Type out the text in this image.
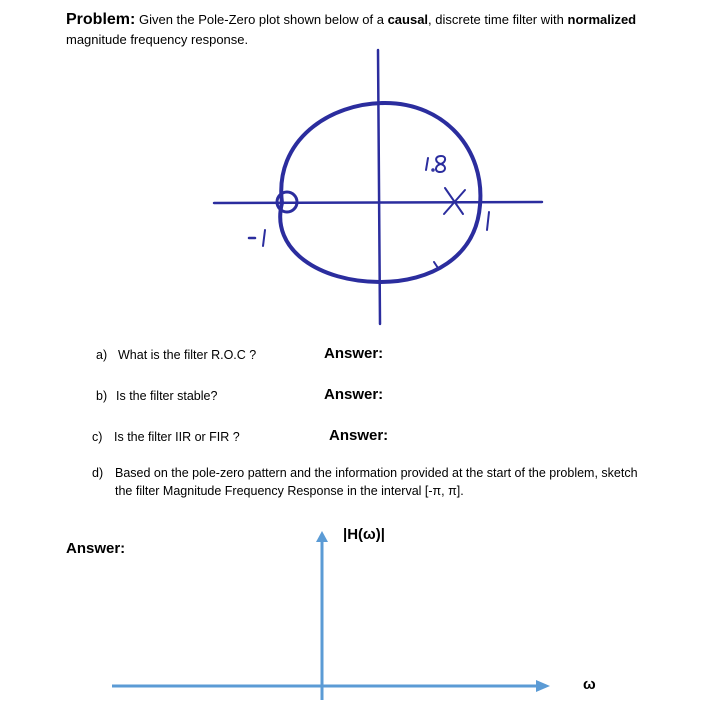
Problem: Given the Pole-Zero plot shown below of a causal, discrete time filter with normalized
magnitude frequency response.
a) What is the filter R.O.C ?	Answer:
b) Is the filter stable?	Answer:
c) Is the filter IIR or FIR ?	Answer:
d) Based on the pole-zero pattern and the information provided at the start of the problem, sketch
the filter Magnitude Frequency Response in the interval [-π, π].
Answer:
|H(ω)|
ω
